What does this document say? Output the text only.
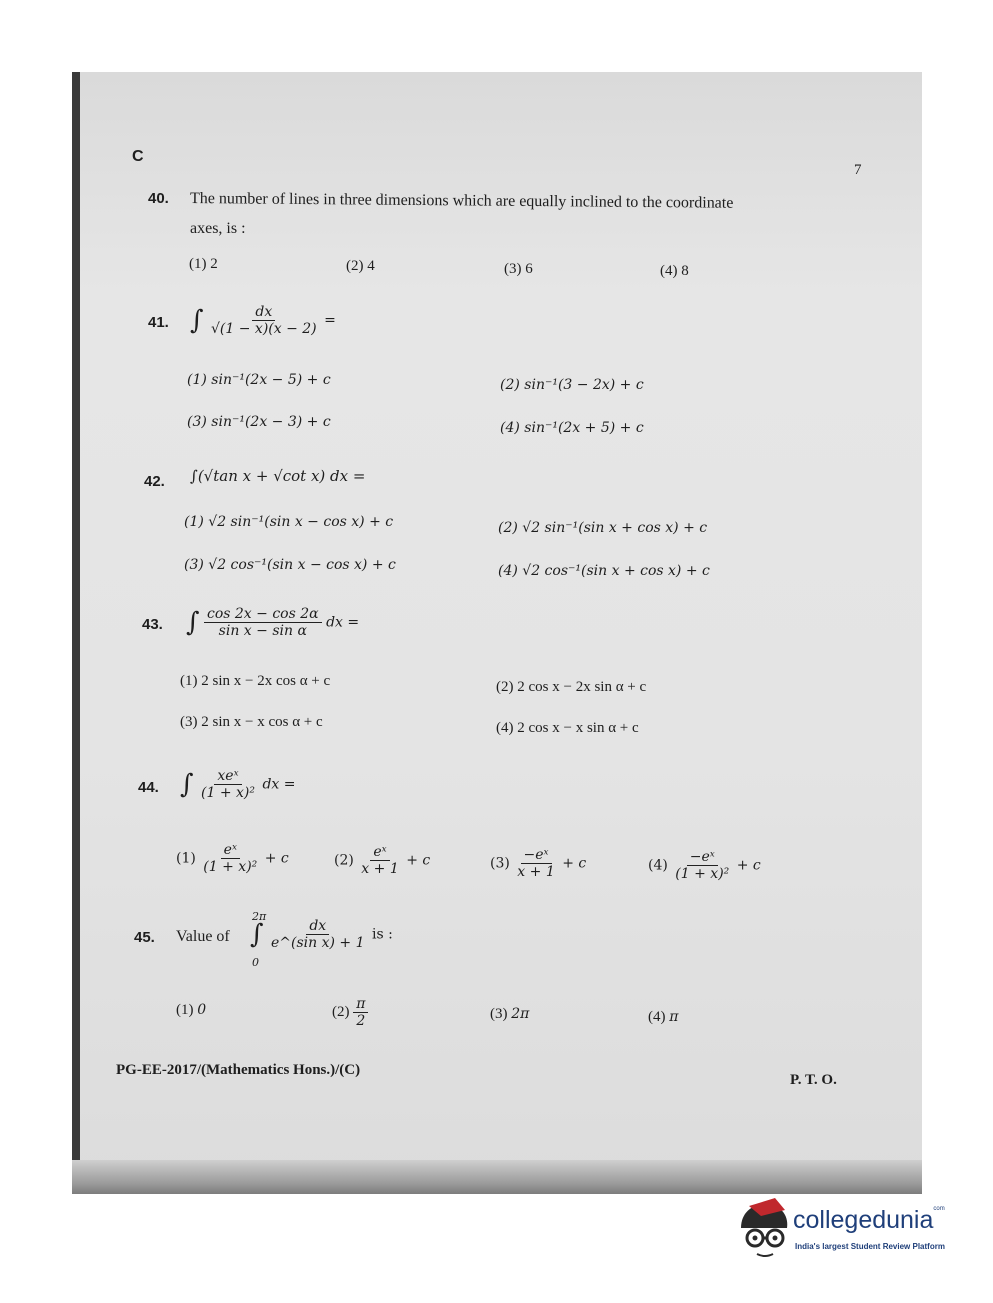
C
7
40. The number of lines in three dimensions which are equally inclined to the coordinate
axes, is :
(1) 2	(2) 4	(3) 6	(4) 8
41. ∫ $\frac{dx}{√(1 - x)(x - 2)}$ =
(1) sin⁻¹(2x − 5) + c	(2) sin⁻¹(3 − 2x) + c
(3) sin⁻¹(2x − 3) + c	(4) sin⁻¹(2x + 5) + c
42. ∫(√tan x + √cot x) dx =
(1) √2 sin⁻¹(sin x − cos x) + c	(2) √2 sin⁻¹(sin x + cos x) + c
(3) √2 cos⁻¹(sin x − cos x) + c	(4) √2 cos⁻¹(sin x + cos x) + c
43. ∫ $\frac{\cos 2x - \cos 2\alpha}{\text{sin x − sin α}}$ dx =
(1) 2 sin x − 2x cos α + c	(2) 2 cos x − 2x sin α + c
(3) 2 sin x − x cos α + c	(4) 2 cos x − x sin α + c
44. ∫ $\frac{\text{xeˣ}}{\text{(1 + x)²}}$ dx =
$(1) \frac{\text{eˣ}}{\text{(1 + x)²}} + c$	$(2) \frac{\text{eˣ}}{x + 1} + c$	$(3) \frac{\text{−eˣ}}{x + 1} + c$	$(4) \frac{\text{−eˣ}}{\text{(1 + x)²}} + c$
45. Value of
2π
∫ $\frac{dx}{\text{e\textasciicircum{}(sin x) + 1}}$ is :
0
(1) 0	$(2) \frac{\pi}{2}$	(3) 2π	(4) π
PG-EE-2017/(Mathematics Hons.)/(C)
P. T. O.
collegedunia$^{com}$
India's largest Student Review Platform
